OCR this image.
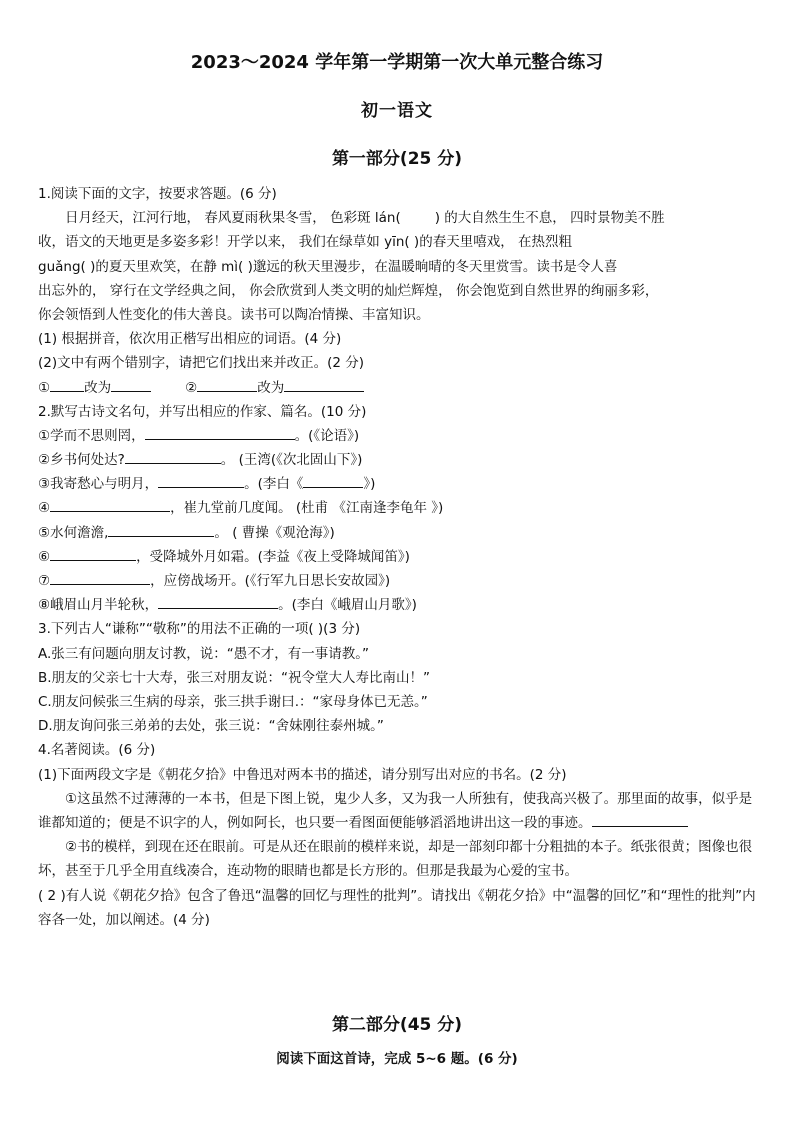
2023～2024 学年第一学期第一次大单元整合练习
初一语文
第一部分(25 分)
1.阅读下面的文字，按要求答题。(6 分)
日月经天，江河行地， 春风夏雨秋果冬雪， 色彩斑 lán(	) 的大自然生生不息， 四时景物美不胜
收，语文的天地更是多姿多彩！开学以来， 我们在绿草如 yīn( )的春天里嘻戏， 在热烈粗
guǎng( )的夏天里欢笑，在静 mì( )邈远的秋天里漫步，在温暖晌晴的冬天里赏雪。读书是令人喜
出忘外的， 穿行在文学经典之间， 你会欣赏到人类文明的灿烂辉煌， 你会饱览到自然世界的绚丽多彩，
你会领悟到人性变化的伟大善良。读书可以陶冶情操、丰富知识。
(1) 根据拼音，依次用正楷写出相应的词语。(4 分)
(2)文中有两个错别字，请把它们找出来并改正。(2 分)
①	改为	②	改为
2.默写古诗文名句，并写出相应的作家、篇名。(10 分)
①学而不思则罔，	。(《论语》)
②乡书何处达?	。 (王湾(《次北固山下》)
③我寄愁心与明月，	。(李白《	》)
④	，崔九堂前几度闻。 (杜甫 《江南逢李龟年 》)
⑤水何澹澹,	。 ( 曹操《观沧海》)
⑥	，受降城外月如霜。(李益《夜上受降城闻笛》)
⑦	，应傍战场开。(《行军九日思长安故园》)
⑧峨眉山月半轮秋，	。(李白《峨眉山月歌》)
3.下列古人“谦称”“敬称”的用法不正确的一项( )(3 分)
A.张三有问题向朋友讨教，说：“愚不才，有一事请教。”
B.朋友的父亲七十大寿，张三对朋友说：“祝令堂大人寿比南山！”
C.朋友问候张三生病的母亲，张三拱手谢曰.：“家母身体已无恙。”
D.朋友询问张三弟弟的去处，张三说：“舍妹刚往泰州城。”
4.名著阅读。(6 分)
(1)下面两段文字是《朝花夕拾》中鲁迅对两本书的描述，请分别写出对应的书名。(2 分)
①这虽然不过薄薄的一本书，但是下图上锐，鬼少人多，又为我一人所独有，使我高兴极了。那里面的故事，似乎是谁都知道的；便是不识字的人，例如阿长，也只要一看图面便能够滔滔地讲出这一段的事迹。
②书的模样，到现在还在眼前。可是从还在眼前的模样来说，却是一部刻印都十分粗拙的本子。纸张很黄；图像也很坏，甚至于几乎全用直线凑合，连动物的眼睛也都是长方形的。但那是我最为心爱的宝书。
( 2 )有人说《朝花夕拾》包含了鲁迅“温馨的回忆与理性的批判”。请找出《朝花夕拾》中“温馨的回忆”和“理性的批判”内容各一处，加以阐述。(4 分)
第二部分(45 分)
阅读下面这首诗，完成 5~6 题。(6 分)
